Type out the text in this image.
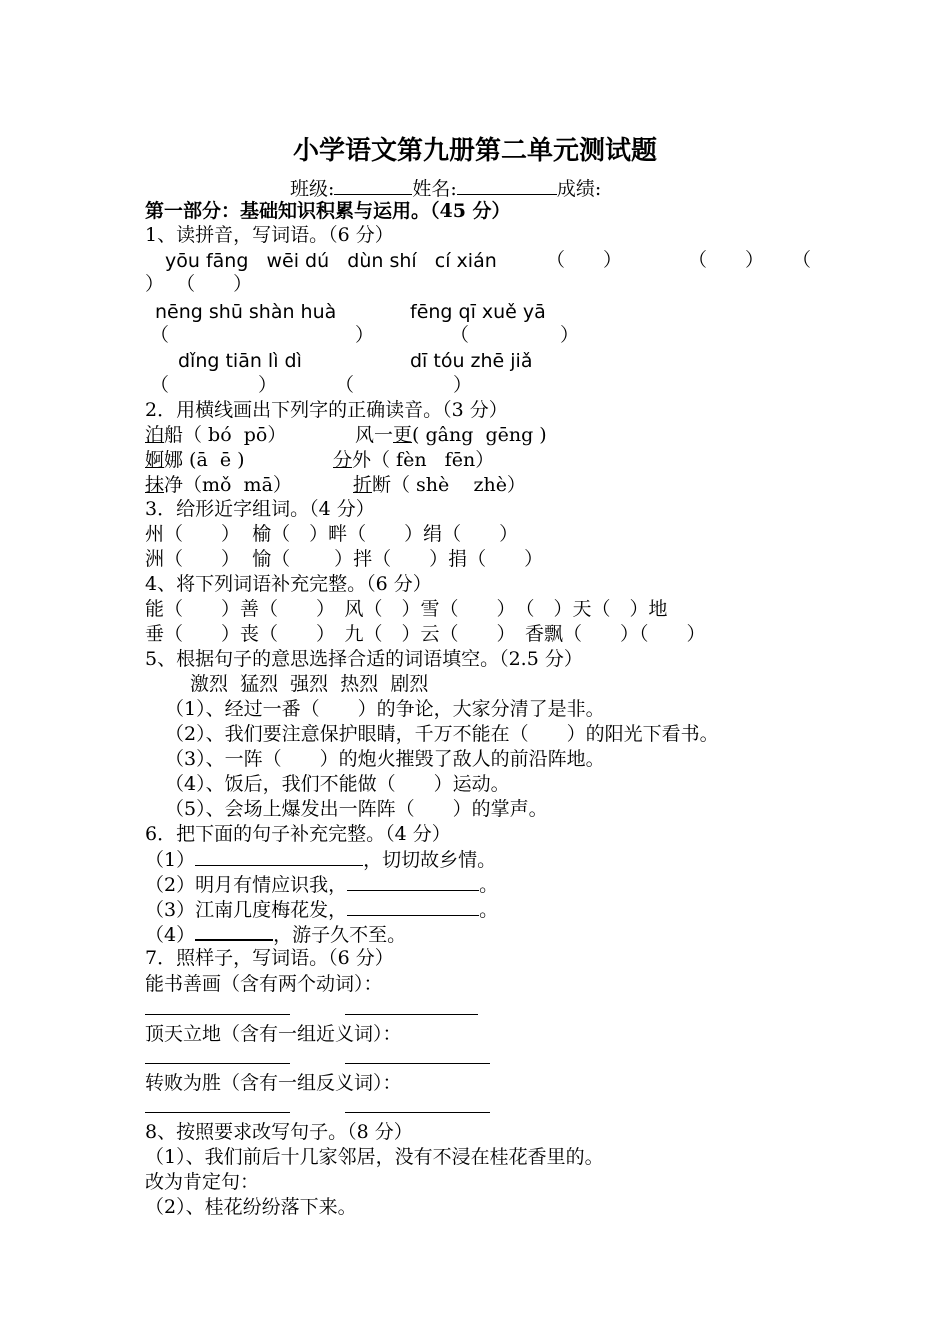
小学语文第九册第二单元测试题
班级:	姓名:	成绩:
第一部分：基础知识积累与运用。（45 分）
1、读拼音，写词语。（6 分）
yōu fāng   wēi dú   dùn shí   cí xián	（　　）	（　　） （
）  （　　）
nēng shū shàn huà	fēng qī xuě yā
（	）	（	）
dǐng tiān lì dì	dī tóu zhē jiǎ
（	）	（	）
2．用横线画出下列字的正确读音。（3 分）
泊船（ bó  pō）	风一更( gâng  gēng )
婀娜 (ā  ē )	分外（ fèn   fēn）
抹净（mǒ  mā）	折断（ shè    zhè）
3．给形近字组词。（4 分）
州（　　）  榆（　）畔（　　）绢（　　）
洲（　　）  愉（　　 ）拌（　　）捐（　　）
4、将下列词语补充完整。（6 分）
能（　　）善（　　）　风（　）雪（　　）　（　）天（　）地
垂（　　）丧（　　）　九（　）云（　　）　香飘（　　）（　　）
5、根据句子的意思选择合适的词语填空。（2.5 分）
激烈  猛烈  强烈  热烈  剧烈
（1）、经过一番（　　）的争论，大家分清了是非。
（2）、我们要注意保护眼睛，千万不能在（　　）的阳光下看书。
（3）、一阵（　　）的炮火摧毁了敌人的前沿阵地。
（4）、饭后，我们不能做（　　）运动。
（5）、会场上爆发出一阵阵（　　）的掌声。
6．把下面的句子补充完整。（4 分）
（1）	，切切故乡情。
（2）明月有情应识我，	。
（3）江南几度梅花发，	。
（4）	，游子久不至。
7．照样子，写词语。（6 分）
能书善画（含有两个动词）：
顶天立地（含有一组近义词）：
转败为胜（含有一组反义词）：
8、按照要求改写句子。（8 分）
（1）、我们前后十几家邻居，没有不浸在桂花香里的。
改为肯定句：
（2）、桂花纷纷落下来。
